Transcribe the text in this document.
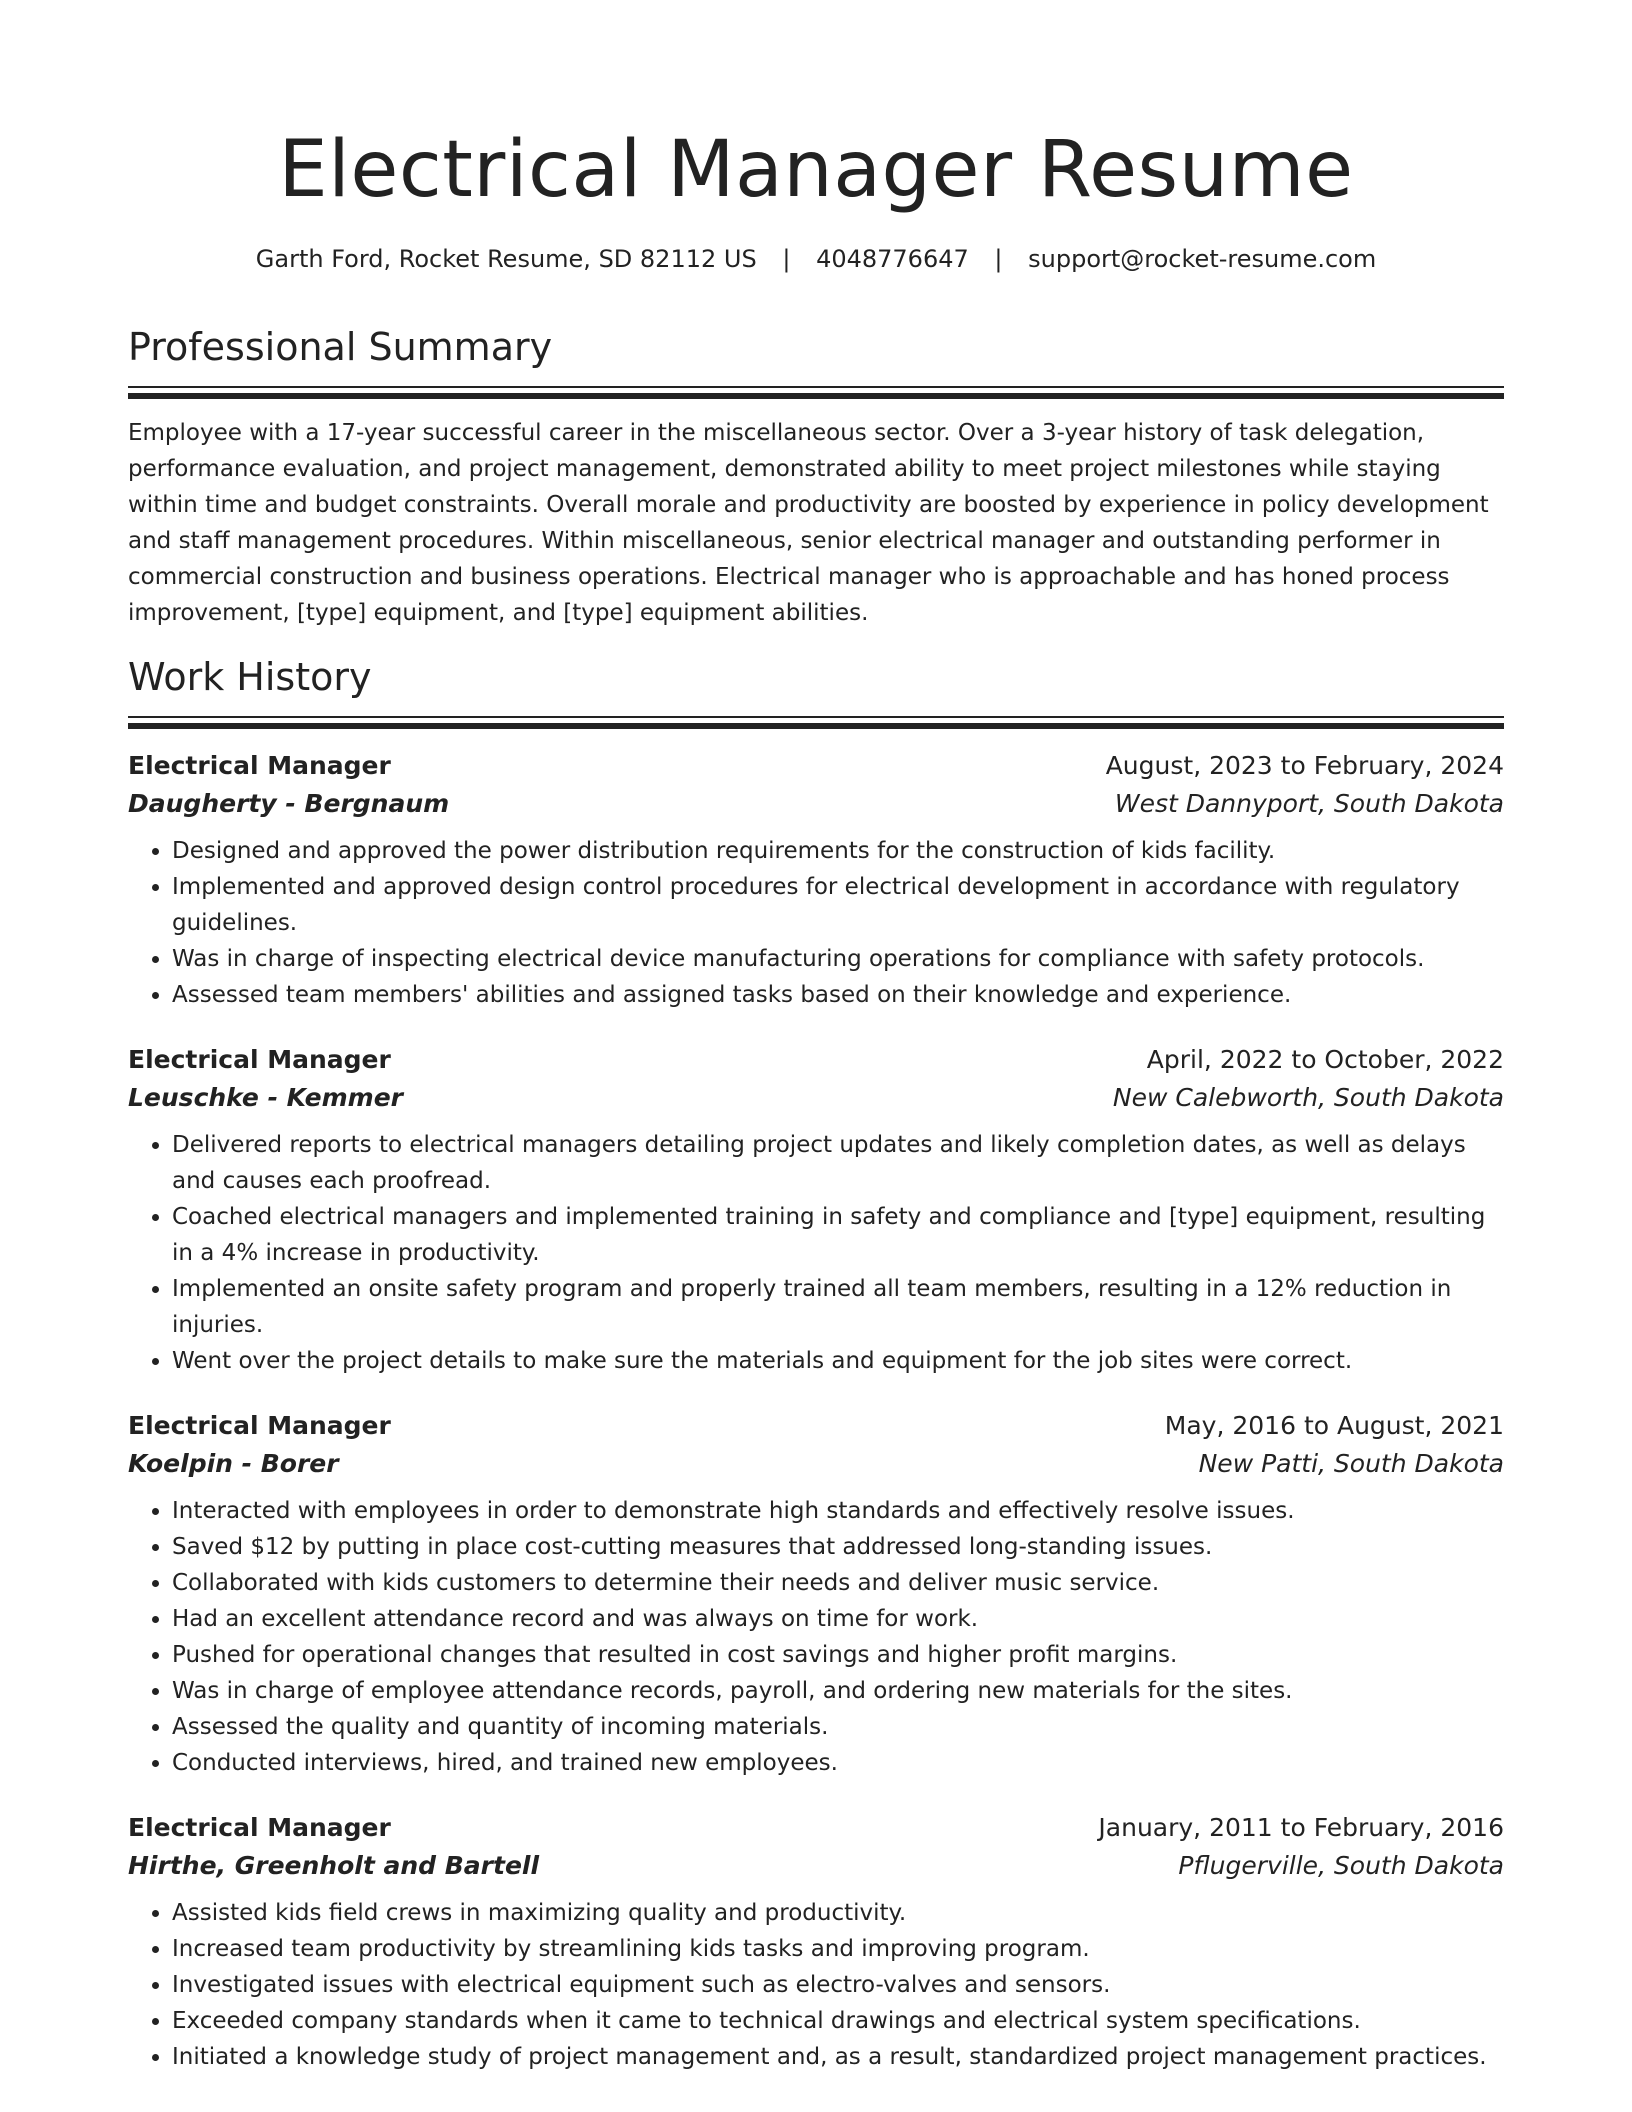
Electrical Manager Resume
Garth Ford, Rocket Resume, SD 82112 US | 4048776647 | support@rocket-resume.com
Professional Summary

Employee with a 17-year successful career in the miscellaneous sector. Over a 3-year history of task delegation, performance evaluation, and project management, demonstrated ability to meet project milestones while staying within time and budget constraints. Overall morale and productivity are boosted by experience in policy development and staff management procedures. Within miscellaneous, senior electrical manager and outstanding performer in commercial construction and business operations. Electrical manager who is approachable and has honed process improvement, [type] equipment, and [type] equipment abilities.

Work History
Electrical Manager	August, 2023 to February, 2024
Daugherty - Bergnaum	West Dannyport, South Dakota
• Designed and approved the power distribution requirements for the construction of kids facility.
• Implemented and approved design control procedures for electrical development in accordance with regulatory guidelines.
• Was in charge of inspecting electrical device manufacturing operations for compliance with safety protocols.
• Assessed team members' abilities and assigned tasks based on their knowledge and experience.
Electrical Manager	April, 2022 to October, 2022
Leuschke - Kemmer	New Calebworth, South Dakota
• Delivered reports to electrical managers detailing project updates and likely completion dates, as well as delays and causes each proofread.
• Coached electrical managers and implemented training in safety and compliance and [type] equipment, resulting in a 4% increase in productivity.
• Implemented an onsite safety program and properly trained all team members, resulting in a 12% reduction in injuries.
• Went over the project details to make sure the materials and equipment for the job sites were correct.
Electrical Manager	May, 2016 to August, 2021
Koelpin - Borer	New Patti, South Dakota
• Interacted with employees in order to demonstrate high standards and effectively resolve issues.
• Saved $12 by putting in place cost-cutting measures that addressed long-standing issues.
• Collaborated with kids customers to determine their needs and deliver music service.
• Had an excellent attendance record and was always on time for work.
• Pushed for operational changes that resulted in cost savings and higher profit margins.
• Was in charge of employee attendance records, payroll, and ordering new materials for the sites.
• Assessed the quality and quantity of incoming materials.
• Conducted interviews, hired, and trained new employees.
Electrical Manager	January, 2011 to February, 2016
Hirthe, Greenholt and Bartell	Pflugerville, South Dakota
• Assisted kids field crews in maximizing quality and productivity.
• Increased team productivity by streamlining kids tasks and improving program.
• Investigated issues with electrical equipment such as electro-valves and sensors.
• Exceeded company standards when it came to technical drawings and electrical system specifications.
• Initiated a knowledge study of project management and, as a result, standardized project management practices.
